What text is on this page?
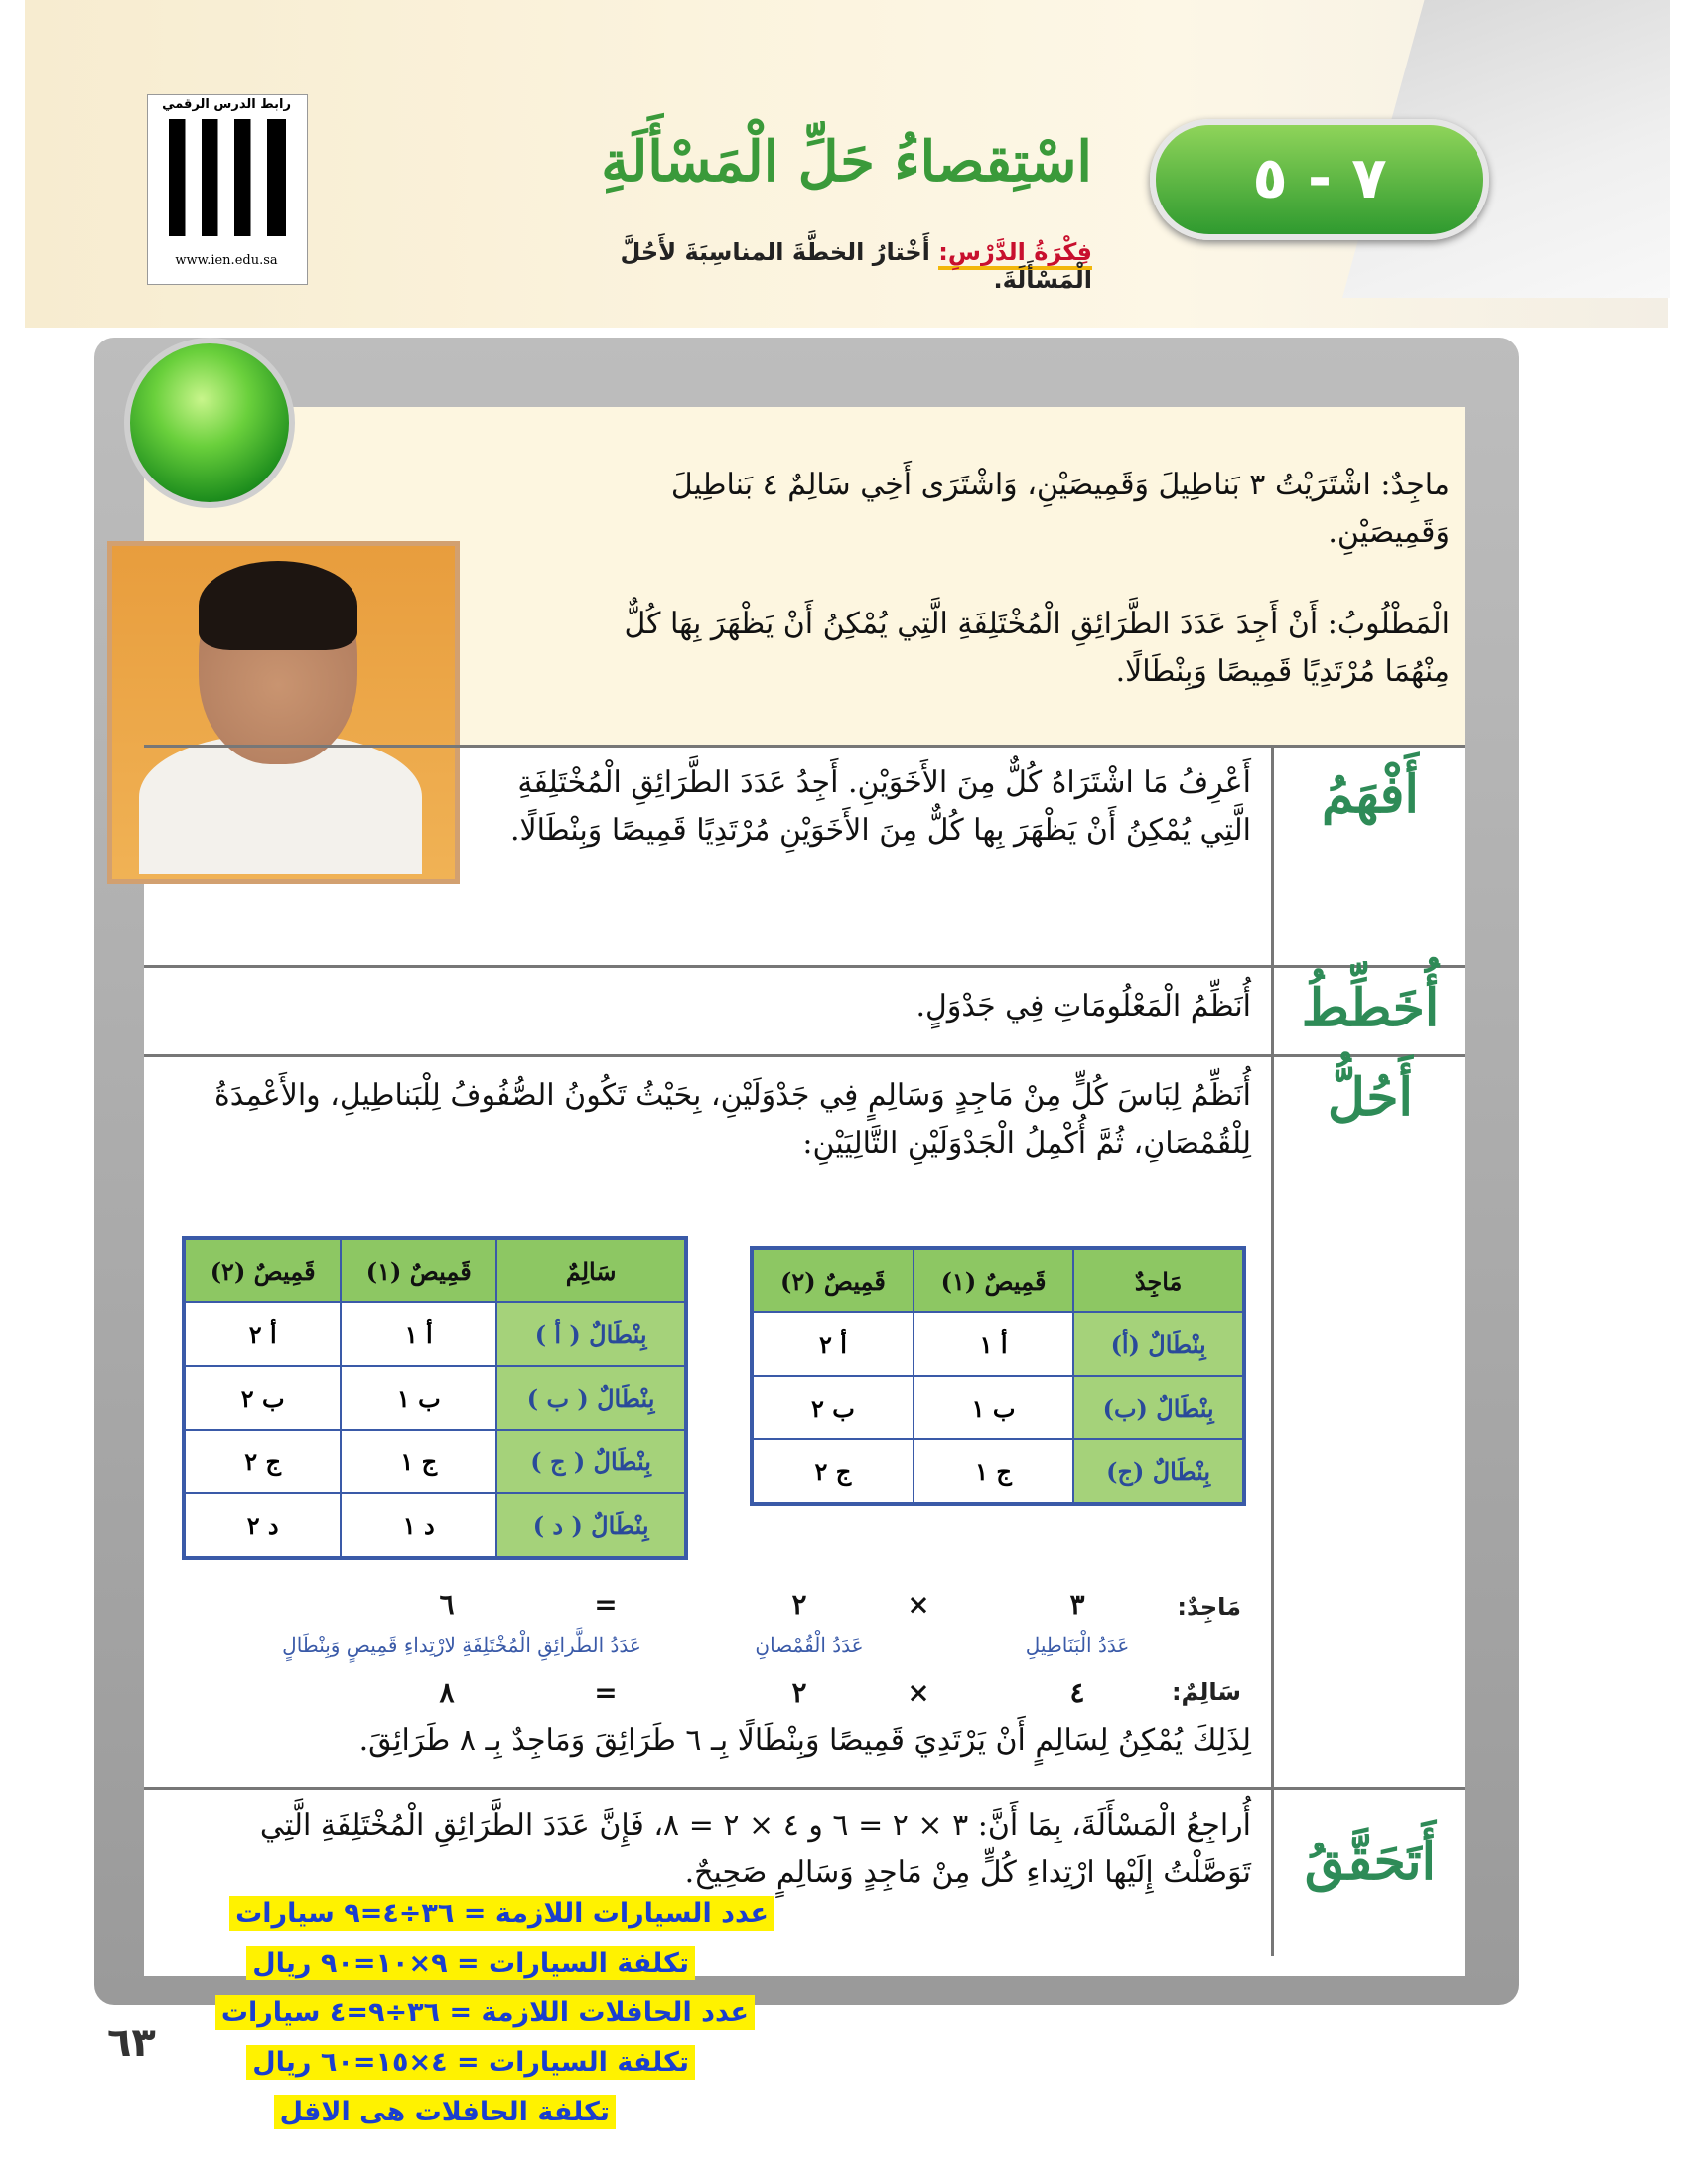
رابط الدرس الرقمي
www.ien.edu.sa
اسْتِقصاءُ حَلِّ الْمَسْأَلَةِ	٧ - ٥
فِكْرَةُ الدَّرْسِ: أَخْتارُ الخطَّةَ المناسِبَةَ لأَحُلَّ الْمَسْأَلَةَ.
ماجِدٌ: اشْتَرَيْتُ ٣ بَناطِيلَ وَقَمِيصَيْنِ، وَاشْتَرَى أَخِي سَالِمٌ ٤ بَناطِيلَ وَقَمِيصَيْنِ.
الْمَطْلُوبُ: أَنْ أَجِدَ عَدَدَ الطَّرَائِقِ الْمُخْتَلِفَةِ الَّتِي يُمْكِنُ أَنْ يَظْهَرَ بِهَا كُلٌّ مِنْهُمَا مُرْتَدِيًا قَمِيصًا وَبِنْطَالًا.
أَفْهَمُ
أَعْرِفُ مَا اشْتَرَاهُ كُلٌّ مِنَ الأَخَوَيْنِ. أَجِدُ عَدَدَ الطَّرَائِقِ الْمُخْتَلِفَةِ الَّتِي يُمْكِنُ أَنْ يَظْهَرَ بِها كُلٌّ مِنَ الأَخَوَيْنِ مُرْتَدِيًا قَمِيصًا وَبِنْطَالًا.
أُخَطِّطُ
أُنَظِّمُ الْمَعْلُومَاتِ فِي جَدْوَلٍ.
أَحُلُّ
أُنَظِّمُ لِبَاسَ كُلٍّ مِنْ مَاجِدٍ وَسَالِمٍ فِي جَدْوَلَيْنِ، بِحَيْثُ تَكُونُ الصُّفُوفُ لِلْبَناطِيلِ، والأَعْمِدَةُ لِلْقُمْصَانِ، ثُمَّ أُكْمِلُ الْجَدْوَلَيْنِ التَّالِيَيْنِ:
مَاجِدٌ	قَمِيصٌ (١)	قَمِيصٌ (٢)
بِنْطَالٌ (أ)	أ ١	أ ٢
بِنْطَالٌ (ب)	ب ١	ب ٢
بِنْطَالٌ (ج)	ج ١	ج ٢
سَالِمٌ	قَمِيصٌ (١)	قَمِيصٌ (٢)
بِنْطَالٌ ( أ )	أ ١	أ ٢
بِنْطَالٌ ( ب )	ب ١	ب ٢
بِنْطَالٌ ( ج )	ج ١	ج ٢
بِنْطَالٌ ( د )	د ١	د ٢
مَاجِدٌ:
٣
×
٢
=
٦
عَدَدُ الْبَنَاطِيلِ
عَدَدُ الْقُمْصانِ
عَدَدُ الطَّرائِقِ الْمُخْتَلِفَةِ لارْتِداءِ قَمِيصٍ وَبِنْطَالٍ
سَالِمٌ:
٤
×
٢
=
٨
لِذَلِكَ يُمْكِنُ لِسَالِمٍ أَنْ يَرْتَدِيَ قَمِيصًا وَبِنْطَالًا بِـ ٦ طَرَائِقَ وَمَاجِدٌ بِـ ٨ طَرَائِقَ.
أَتَحَقَّقُ
أُراجِعُ الْمَسْأَلَةَ، بِمَا أَنَّ: ٣ × ٢ = ٦ و ٤ × ٢ = ٨، فَإِنَّ عَدَدَ الطَّرَائِقِ الْمُخْتَلِفَةِ الَّتِي تَوَصَّلْتُ إِلَيْها ارْتِداءِ كُلٍّ مِنْ مَاجِدٍ وَسَالِمٍ صَحِيحٌ.
عدد السيارات اللازمة = ٣٦÷٤=٩ سيارات
تكلفة السيارات = ٩×١٠=٩٠ ريال
عدد الحافلات اللازمة = ٣٦÷٩=٤ سيارات
تكلفة السيارات = ٤×١٥=٦٠ ريال
تكلفة الحافلات هى الاقل
٦٣
